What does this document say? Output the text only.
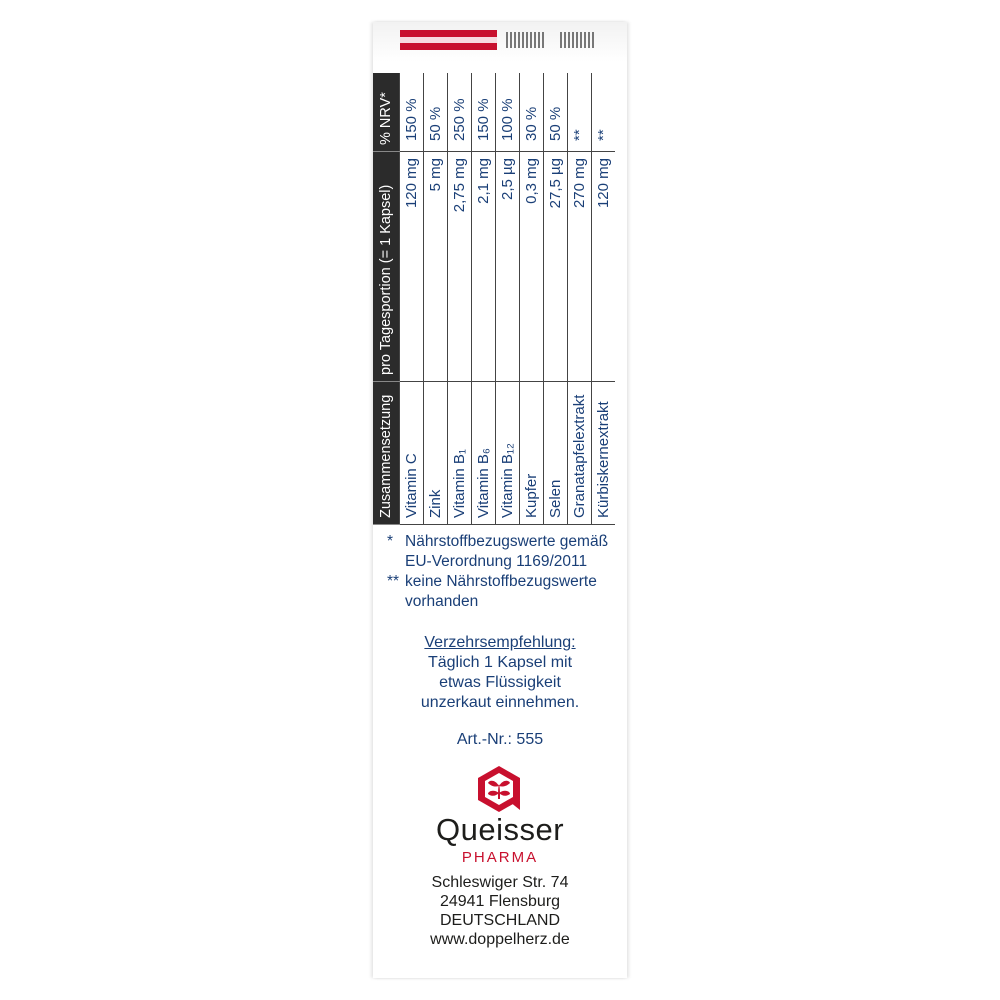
Zusammensetzung	pro Tagesportion (= 1 Kapsel)	% NRV*
Vitamin C	120 mg	150 %
Zink	5 mg	50 %
Vitamin B₁	2,75 mg	250 %
Vitamin B₆	2,1 mg	150 %
Vitamin B₁₂	2,5 µg	100 %
Kupfer	0,3 mg	30 %
Selen	27,5 µg	50 %
Granatapfelextrakt	270 mg	**
Kürbiskernextrakt	120 mg	**
* Nährstoffbezugswerte gemäß
EU-Verordnung 1169/2011
** keine Nährstoffbezugswerte
vorhanden
Verzehrsempfehlung:
Täglich 1 Kapsel mit
etwas Flüssigkeit
unzerkaut einnehmen.
Art.-Nr.: 555
Queisser
PHARMA
Schleswiger Str. 74
24941 Flensburg
DEUTSCHLAND
www.doppelherz.de
